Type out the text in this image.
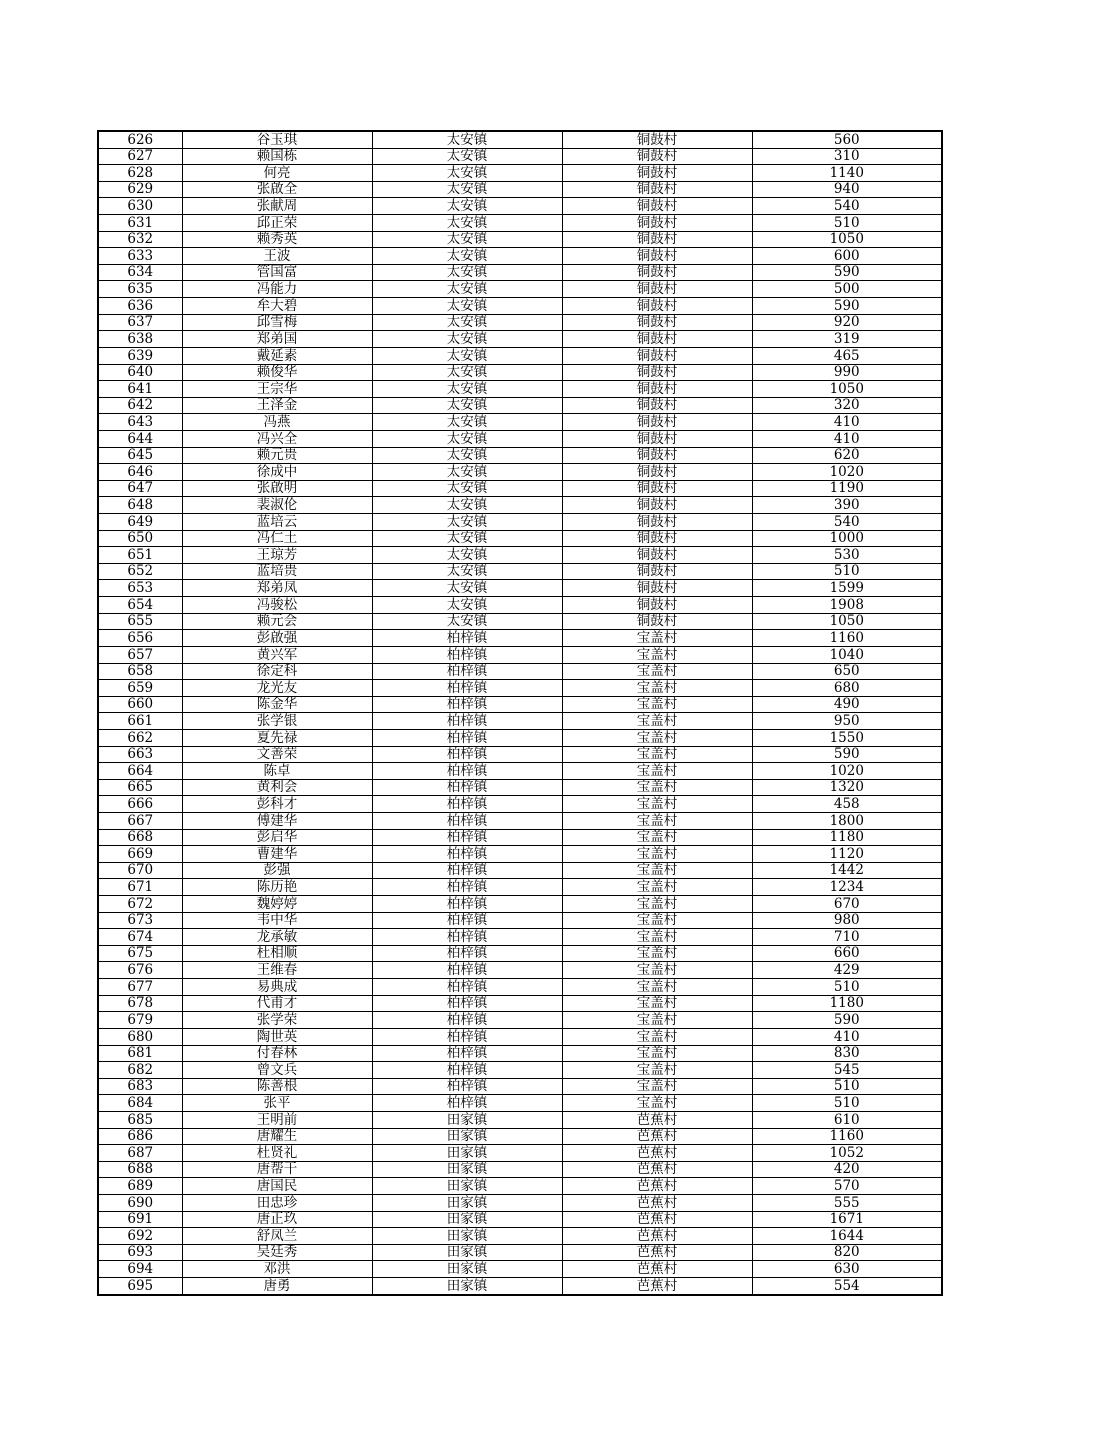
626	谷玉琪	太安镇	铜鼓村	560
627	赖国栋	太安镇	铜鼓村	310
628	何亮	太安镇	铜鼓村	1140
629	张啟全	太安镇	铜鼓村	940
630	张献周	太安镇	铜鼓村	540
631	邱正荣	太安镇	铜鼓村	510
632	赖秀英	太安镇	铜鼓村	1050
633	王波	太安镇	铜鼓村	600
634	管国富	太安镇	铜鼓村	590
635	冯能力	太安镇	铜鼓村	500
636	牟大碧	太安镇	铜鼓村	590
637	邱雪梅	太安镇	铜鼓村	920
638	郑弟国	太安镇	铜鼓村	319
639	戴延素	太安镇	铜鼓村	465
640	赖俊华	太安镇	铜鼓村	990
641	王宗华	太安镇	铜鼓村	1050
642	王泽金	太安镇	铜鼓村	320
643	冯燕	太安镇	铜鼓村	410
644	冯兴全	太安镇	铜鼓村	410
645	赖元贵	太安镇	铜鼓村	620
646	徐成中	太安镇	铜鼓村	1020
647	张啟明	太安镇	铜鼓村	1190
648	裴淑伦	太安镇	铜鼓村	390
649	蓝培云	太安镇	铜鼓村	540
650	冯仁土	太安镇	铜鼓村	1000
651	王琼芳	太安镇	铜鼓村	530
652	蓝培贵	太安镇	铜鼓村	510
653	郑弟凤	太安镇	铜鼓村	1599
654	冯骏松	太安镇	铜鼓村	1908
655	赖元会	太安镇	铜鼓村	1050
656	彭啟强	柏梓镇	宝盖村	1160
657	黄兴军	柏梓镇	宝盖村	1040
658	徐定科	柏梓镇	宝盖村	650
659	龙光友	柏梓镇	宝盖村	680
660	陈金华	柏梓镇	宝盖村	490
661	张学银	柏梓镇	宝盖村	950
662	夏先禄	柏梓镇	宝盖村	1550
663	文善荣	柏梓镇	宝盖村	590
664	陈卓	柏梓镇	宝盖村	1020
665	黄利会	柏梓镇	宝盖村	1320
666	彭科才	柏梓镇	宝盖村	458
667	傅建华	柏梓镇	宝盖村	1800
668	彭启华	柏梓镇	宝盖村	1180
669	曹建华	柏梓镇	宝盖村	1120
670	彭强	柏梓镇	宝盖村	1442
671	陈历艳	柏梓镇	宝盖村	1234
672	魏婷婷	柏梓镇	宝盖村	670
673	韦中华	柏梓镇	宝盖村	980
674	龙承敏	柏梓镇	宝盖村	710
675	杜相顺	柏梓镇	宝盖村	660
676	王维春	柏梓镇	宝盖村	429
677	易典成	柏梓镇	宝盖村	510
678	代甫才	柏梓镇	宝盖村	1180
679	张学荣	柏梓镇	宝盖村	590
680	陶世英	柏梓镇	宝盖村	410
681	付春林	柏梓镇	宝盖村	830
682	曾文兵	柏梓镇	宝盖村	545
683	陈善根	柏梓镇	宝盖村	510
684	张平	柏梓镇	宝盖村	510
685	王明前	田家镇	芭蕉村	610
686	唐耀生	田家镇	芭蕉村	1160
687	杜贤礼	田家镇	芭蕉村	1052
688	唐帮干	田家镇	芭蕉村	420
689	唐国民	田家镇	芭蕉村	570
690	田忠珍	田家镇	芭蕉村	555
691	唐正玖	田家镇	芭蕉村	1671
692	舒凤兰	田家镇	芭蕉村	1644
693	吴廷秀	田家镇	芭蕉村	820
694	邓洪	田家镇	芭蕉村	630
695	唐勇	田家镇	芭蕉村	554
